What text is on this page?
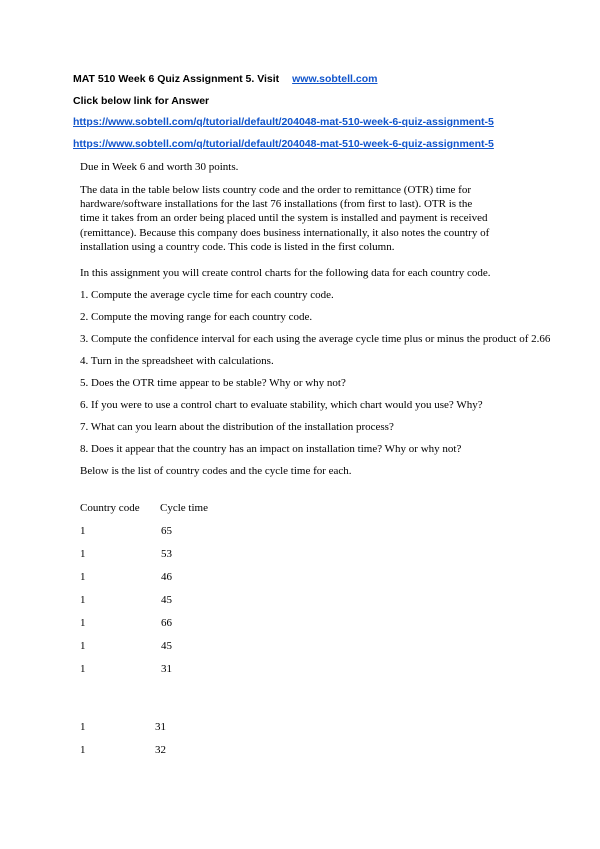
MAT 510 Week 6 Quiz Assignment 5. Visit www.sobtell.com
Click below link for Answer
https://www.sobtell.com/q/tutorial/default/204048-mat-510-week-6-quiz-assignment-5
https://www.sobtell.com/q/tutorial/default/204048-mat-510-week-6-quiz-assignment-5
Due in Week 6 and worth 30 points.
The data in the table below lists country code and the order to remittance (OTR) time for
hardware/software installations for the last 76 installations (from first to last). OTR is the
time it takes from an order being placed until the system is installed and payment is received
(remittance). Because this company does business internationally, it also notes the country of
installation using a country code. This code is listed in the first column.
In this assignment you will create control charts for the following data for each country code.
1. Compute the average cycle time for each country code.
2. Compute the moving range for each country code.
3. Compute the confidence interval for each using the average cycle time plus or minus the product of 2.66
4. Turn in the spreadsheet with calculations.
5. Does the OTR time appear to be stable? Why or why not?
6. If you were to use a control chart to evaluate stability, which chart would you use? Why?
7. What can you learn about the distribution of the installation process?
8. Does it appear that the country has an impact on installation time? Why or why not?
Below is the list of country codes and the cycle time for each.
Country code Cycle time
1	65
1	53
1	46
1	45
1	66
1	45
1	31
1	31
1	32
